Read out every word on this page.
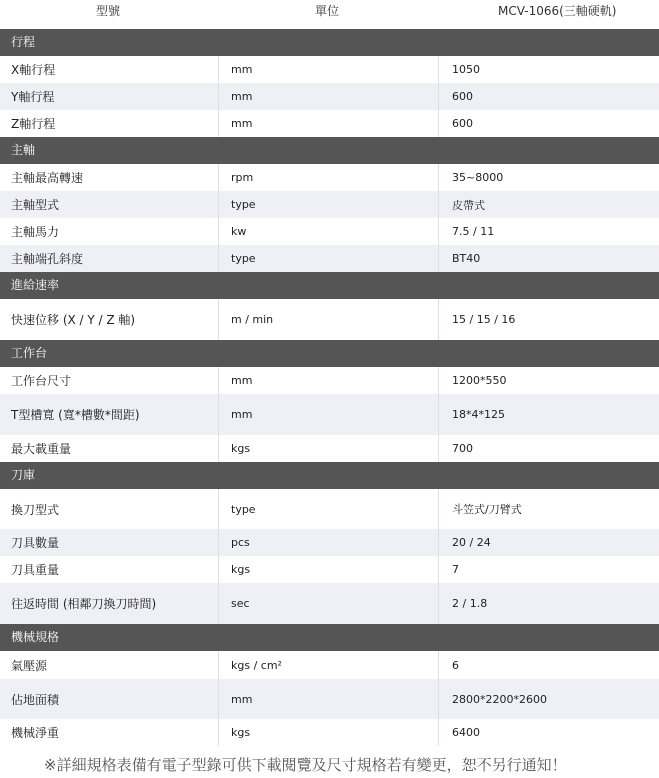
型號	單位	MCV-1066(三軸硬軌)
行程
X軸行程	mm	1050
Y軸行程	mm	600
Z軸行程	mm	600
主軸
主軸最高轉速	rpm	35~8000
主軸型式	type	皮帶式
主軸馬力	kw	7.5 / 11
主軸端孔斜度	type	BT40
進給速率
快速位移 (X / Y / Z 軸)	m / min	15 / 15 / 16
工作台
工作台尺寸	mm	1200*550
T型槽寬 (寬*槽數*間距)	mm	18*4*125
最大載重量	kgs	700
刀庫
換刀型式	type	斗笠式/刀臂式
刀具數量	pcs	20 / 24
刀具重量	kgs	7
往返時間 (相鄰刀換刀時間)	sec	2 / 1.8
機械規格
氣壓源	kgs / cm²	6
佔地面積	mm	2800*2200*2600
機械淨重	kgs	6400
※詳細規格表備有電子型錄可供下載閱覽及尺寸規格若有變更，恕不另行通知！
